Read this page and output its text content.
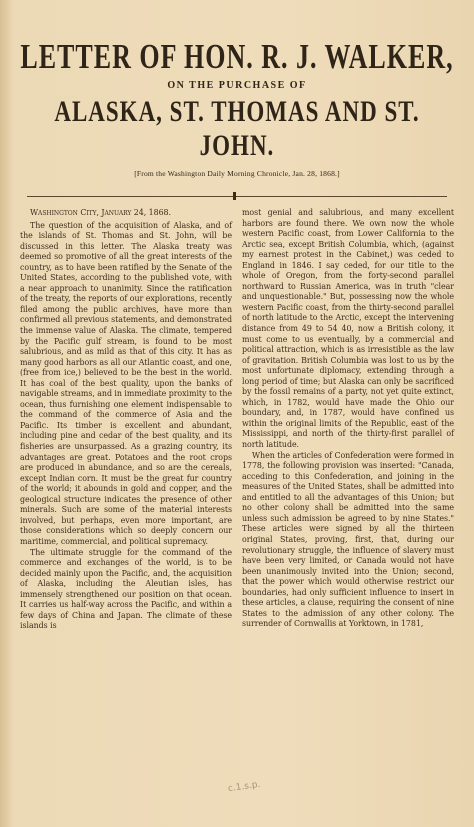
LETTER OF HON. R. J. WALKER,
ON THE PURCHASE OF
ALASKA, ST. THOMAS AND ST. JOHN.
[From the Washington Daily Morning Chronicle, Jan. 28, 1868.]

Washington City, January 24, 1868.

The question of the acquisition of Alaska, and of the islands of St. Thomas and St. John, will be discussed in this letter. The Alaska treaty was deemed so promotive of all the great interests of the country, as to have been ratified by the Senate of the United States, according to the published vote, with a near approach to unanimity. Since the ratification of the treaty, the reports of our explorations, recently filed among the public archives, have more than confirmed all previous statements, and demonstrated the immense value of Alaska. The climate, tempered by the Pacific gulf stream, is found to be most salubrious, and as mild as that of this city. It has as many good harbors as all our Atlantic coast, and one, (free from ice,) believed to be the best in the world. It has coal of the best quality, upon the banks of navigable streams, and in immediate proximity to the ocean, thus furnishing one element indispensable to the command of the commerce of Asia and the Pacific. Its timber is excellent and abundant, including pine and cedar of the best quality, and its fisheries are unsurpassed. As a grazing country, its advantages are great. Potatoes and the root crops are produced in abundance, and so are the cereals, except Indian corn. It must be the great fur country of the world; it abounds in gold and copper, and the geological structure indicates the presence of other minerals. Such are some of the material interests involved, but perhaps, even more important, are those considerations which so deeply concern our maritime, commercial, and political supremacy.

The ultimate struggle for the command of the commerce and exchanges of the world, is to be decided mainly upon the Pacific, and, the acquisition of Alaska, including the Aleutian isles, has immensely strengthened our position on that ocean. It carries us half-way across the Pacific, and within a few days of China and Japan. The climate of these islands is

most genial and salubrious, and many excellent harbors are found there. We own now the whole western Pacific coast, from Lower California to the Arctic sea, except British Columbia, which, (against my earnest protest in the Cabinet,) was ceded to England in 1846. I say ceded, for our title to the whole of Oregon, from the forty-second parallel northward to Russian America, was in truth "clear and unquestionable." But, possessing now the whole western Pacific coast, from the thirty-second parallel of north latitude to the Arctic, except the intervening distance from 49 to 54 40, now a British colony, it must come to us eventually, by a commercial and political attraction, which is as irresistible as the law of gravitation. British Columbia was lost to us by the most unfortunate diplomacy, extending through a long period of time; but Alaska can only be sacrificed by the fossil remains of a party, not yet quite extinct, which, in 1782, would have made the Ohio our boundary, and, in 1787, would have confined us within the original limits of the Republic, east of the Mississippi, and north of the thirty-first parallel of north latitude.

When the articles of Confederation were formed in 1778, the following provision was inserted: "Canada, acceding to this Confederation, and joining in the measures of the United States, shall be admitted into and entitled to all the advantages of this Union; but no other colony shall be admitted into the same unless such admission be agreed to by nine States." These articles were signed by all the thirteen original States, proving, first, that, during our revolutionary struggle, the influence of slavery must have been very limited, or Canada would not have been unanimously invited into the Union; second, that the power which would otherwise restrict our boundaries, had only sufficient influence to insert in these articles, a clause, requiring the consent of nine States to the admission of any other colony. The surrender of Cornwallis at Yorktown, in 1781,

c.1.s.p.
